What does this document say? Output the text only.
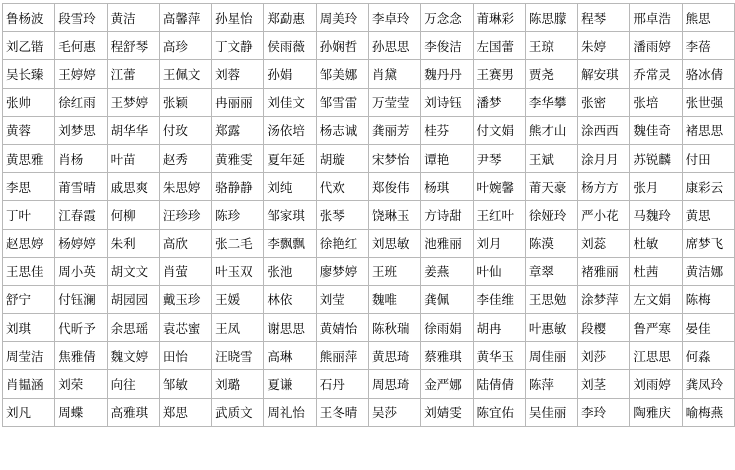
鲁杨波	段雪玲	黄洁	高馨萍	孙星怡	郑勐惠	周美玲	李卓玲	万念念	莆琳彩	陈思朦	程琴	邢卓浩	熊思
刘乙锴	毛何惠	程舒琴	高珍	丁文静	侯雨薇	孙娴哲	孙思思	李俊洁	左国蕾	王琼	朱婷	潘雨婷	李蓓
吴长臻	王婷婷	江蕾	王佩文	刘蓉	孙娟	邹美娜	肖黛	魏丹丹	王赛男	贾尧	解安琪	乔常灵	骆冰倩
张帅	徐红雨	王梦婷	张颖	冉丽丽	刘佳文	邹雪雷	万莹莹	刘诗钰	潘梦	李华攀	张密	张培	张世强
黄蓉	刘梦思	胡华华	付玫	郑露	汤依培	杨志诚	龚丽芳	桂芬	付文娟	熊才山	涂西西	魏佳奇	褚思思
黄思雅	肖杨	叶苗	赵秀	黄雅雯	夏年延	胡璇	宋梦怡	谭艳	尹琴	王斌	涂月月	苏锐麟	付田
李思	莆雪晴	戚思爽	朱思婷	骆静静	刘纯	代欢	郑俊伟	杨琪	叶婉馨	莆天豪	杨方方	张月	康彩云
丁叶	江春霞	何柳	汪珍珍	陈珍	邹家琪	张琴	饶琳玉	方诗甜	王红叶	徐娅玲	严小花	马魏玲	黄思
赵思婷	杨婷婷	朱利	高欣	张二毛	李飘飘	徐艳红	刘思敏	池雅丽	刘月	陈漠	刘蕊	杜敏	席梦飞
王思佳	周小英	胡文文	肖萤	叶玉双	张池	廖梦婷	王班	姜燕	叶仙	章翠	褚雅丽	杜茜	黄洁娜
舒宁	付钰澜	胡园园	戴玉珍	王媛	林依	刘莹	魏唯	龚佩	李佳维	王思勉	涂梦萍	左文娟	陈梅
刘琪	代昕予	余思瑶	袁芯蜜	王凤	谢思思	黄婧怡	陈秋瑞	徐雨娟	胡冉	叶惠敏	段樱	鲁严寒	晏佳
周莹洁	焦雅倩	魏文婷	田怡	汪晓雪	高琳	熊丽萍	黄思琦	蔡雅琪	黄华玉	周佳丽	刘莎	江思思	何淼
肖韫涵	刘荣	向往	邹敏	刘璐	夏谦	石丹	周思琦	金严娜	陆倩倩	陈萍	刘茎	刘雨婷	龚凤玲
刘凡	周蝶	高雅琪	郑思	武质文	周礼怡	王冬晴	吴莎	刘婧雯	陈宜佑	吴佳丽	李玲	陶雅庆	喻梅燕
